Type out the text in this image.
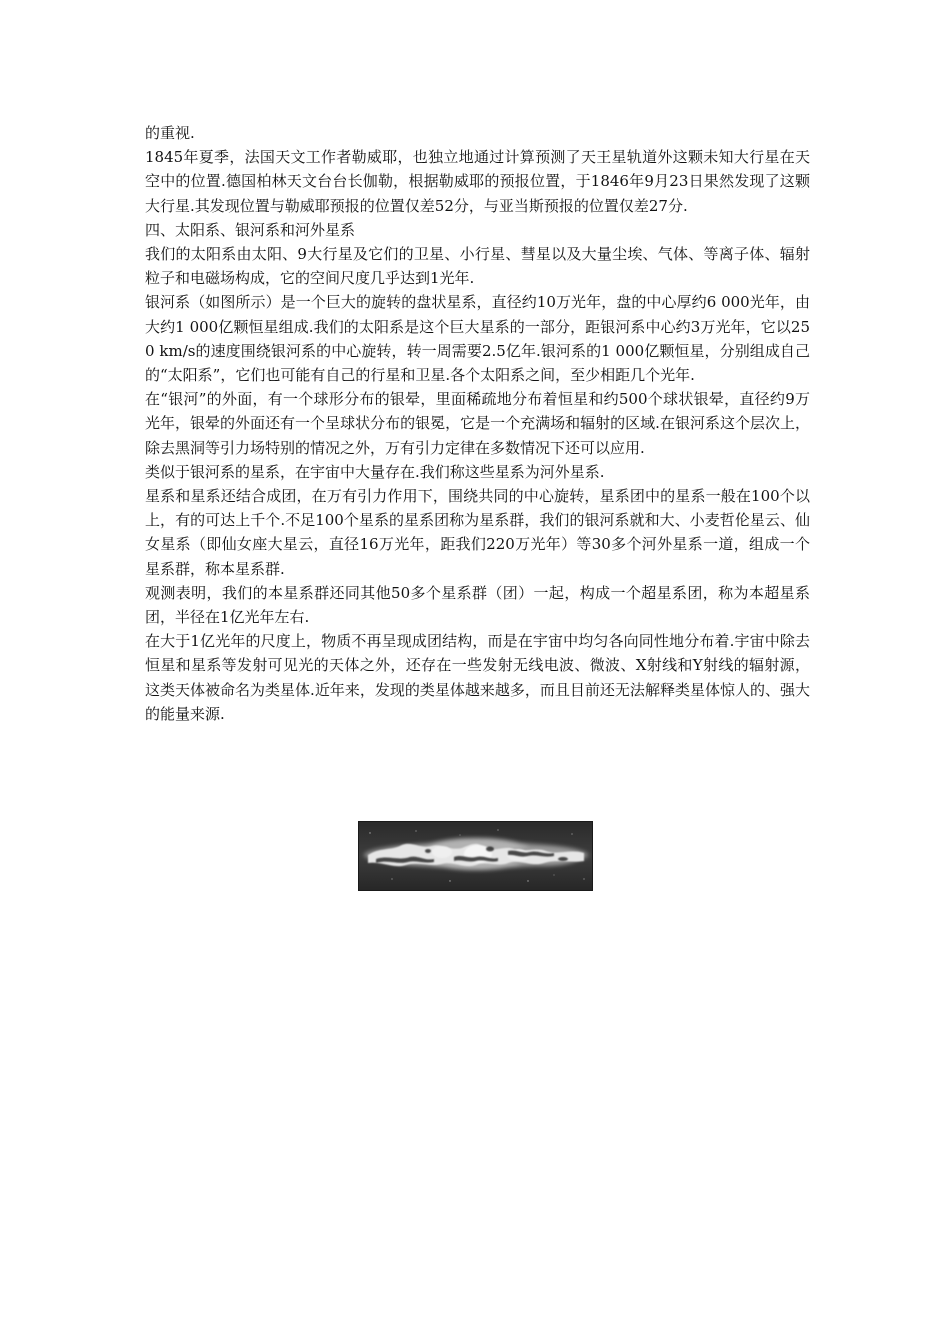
的重视.

1845年夏季，法国天文工作者勒威耶，也独立地通过计算预测了天王星轨道外这颗未知大行星在天空中的位置.德国柏林天文台台长伽勒，根据勒威耶的预报位置，于1846年9月23日果然发现了这颗大行星.其发现位置与勒威耶预报的位置仅差52分，与亚当斯预报的位置仅差27分.

四、太阳系、银河系和河外星系

我们的太阳系由太阳、9大行星及它们的卫星、小行星、彗星以及大量尘埃、气体、等离子体、辐射粒子和电磁场构成，它的空间尺度几乎达到1光年.

银河系（如图所示）是一个巨大的旋转的盘状星系，直径约10万光年，盘的中心厚约6 000光年，由大约1 000亿颗恒星组成.我们的太阳系是这个巨大星系的一部分，距银河系中心约3万光年，它以250 km/s的速度围绕银河系的中心旋转，转一周需要2.5亿年.银河系的1 000亿颗恒星，分别组成自己的“太阳系”，它们也可能有自己的行星和卫星.各个太阳系之间，至少相距几个光年.

在“银河”的外面，有一个球形分布的银晕，里面稀疏地分布着恒星和约500个球状银晕，直径约9万光年，银晕的外面还有一个呈球状分布的银冕，它是一个充满场和辐射的区域.在银河系这个层次上，除去黑洞等引力场特别的情况之外，万有引力定律在多数情况下还可以应用.

类似于银河系的星系，在宇宙中大量存在.我们称这些星系为河外星系.

星系和星系还结合成团，在万有引力作用下，围绕共同的中心旋转，星系团中的星系一般在100个以上，有的可达上千个.不足100个星系的星系团称为星系群，我们的银河系就和大、小麦哲伦星云、仙女星系（即仙女座大星云，直径16万光年，距我们220万光年）等30多个河外星系一道，组成一个星系群，称本星系群.

观测表明，我们的本星系群还同其他50多个星系群（团）一起，构成一个超星系团，称为本超星系团，半径在1亿光年左右.

在大于1亿光年的尺度上，物质不再呈现成团结构，而是在宇宙中均匀各向同性地分布着.宇宙中除去恒星和星系等发射可见光的天体之外，还存在一些发射无线电波、微波、X射线和Y射线的辐射源，这类天体被命名为类星体.近年来，发现的类星体越来越多，而且目前还无法解释类星体惊人的、强大的能量来源.
